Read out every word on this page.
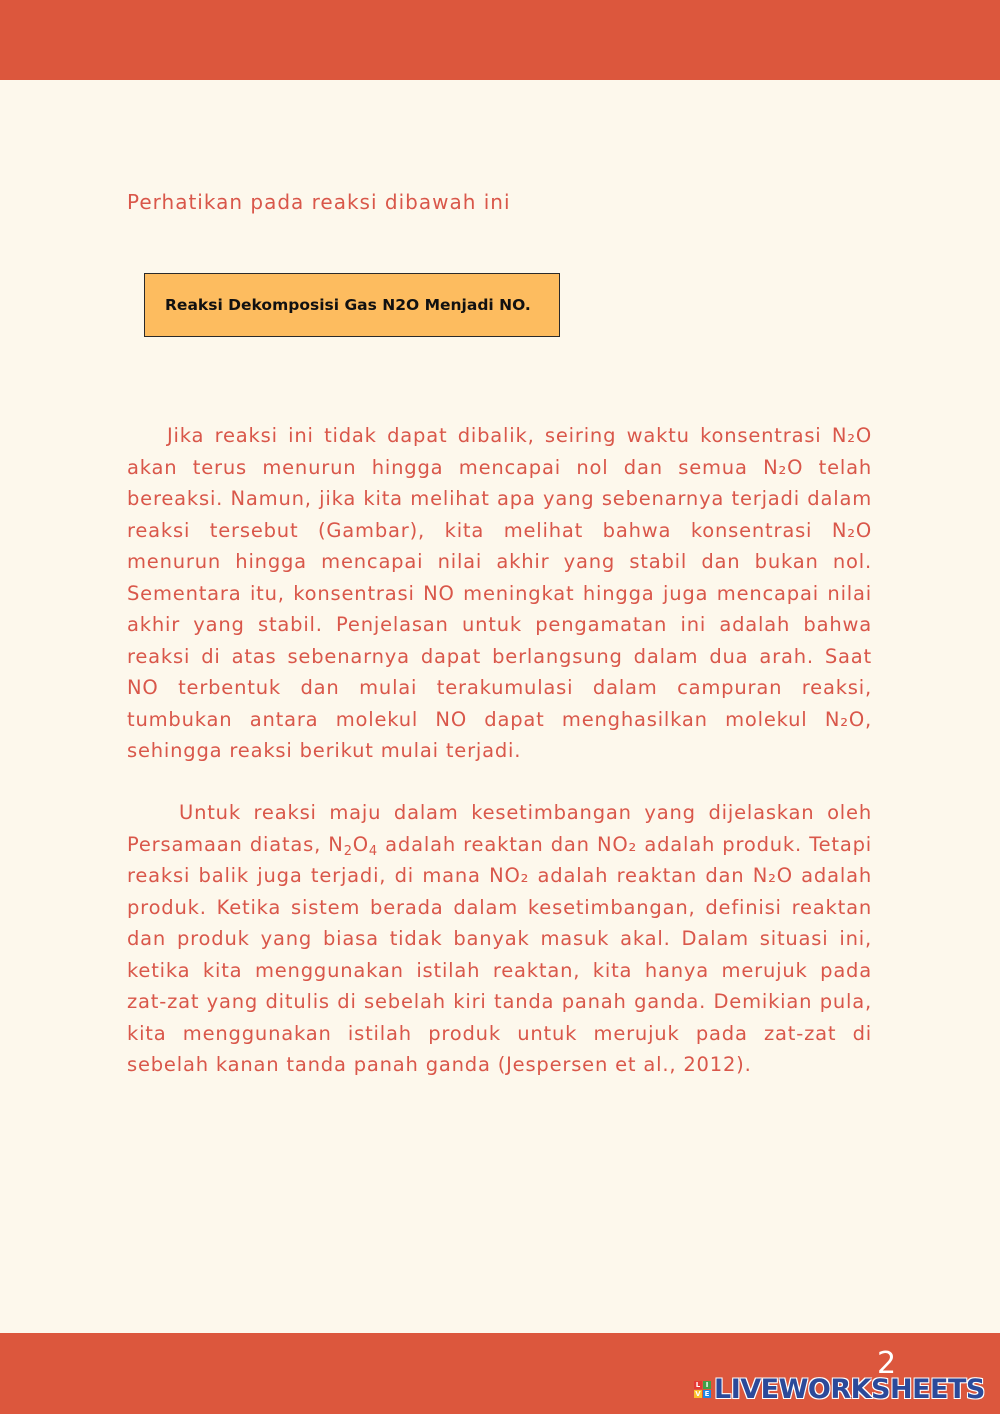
Perhatikan pada reaksi dibawah ini
Reaksi Dekomposisi Gas N2O Menjadi NO.

Jika reaksi ini tidak dapat dibalik, seiring waktu konsentrasi N₂O akan terus menurun hingga mencapai nol dan semua N₂O telah bereaksi. Namun, jika kita melihat apa yang sebenarnya terjadi dalam reaksi tersebut (Gambar), kita melihat bahwa konsentrasi N₂O menurun hingga mencapai nilai akhir yang stabil dan bukan nol. Sementara itu, konsentrasi NO meningkat hingga juga mencapai nilai akhir yang stabil. Penjelasan untuk pengamatan ini adalah bahwa reaksi di atas sebenarnya dapat berlangsung dalam dua arah. Saat NO terbentuk dan mulai terakumulasi dalam campuran reaksi, tumbukan antara molekul NO dapat menghasilkan molekul N₂O, sehingga reaksi berikut mulai terjadi.

Untuk reaksi maju dalam kesetimbangan yang dijelaskan oleh Persamaan diatas, $N_2O_4$ adalah reaktan dan NO₂ adalah produk. Tetapi reaksi balik juga terjadi, di mana NO₂ adalah reaktan dan N₂O adalah produk. Ketika sistem berada dalam kesetimbangan, definisi reaktan dan produk yang biasa tidak banyak masuk akal. Dalam situasi ini, ketika kita menggunakan istilah reaktan, kita hanya merujuk pada zat-zat yang ditulis di sebelah kiri tanda panah ganda. Demikian pula, kita menggunakan istilah produk untuk merujuk pada zat-zat di sebelah kanan tanda panah ganda (Jespersen et al., 2012).

2
L I
V E LIVEWORKSHEETS
